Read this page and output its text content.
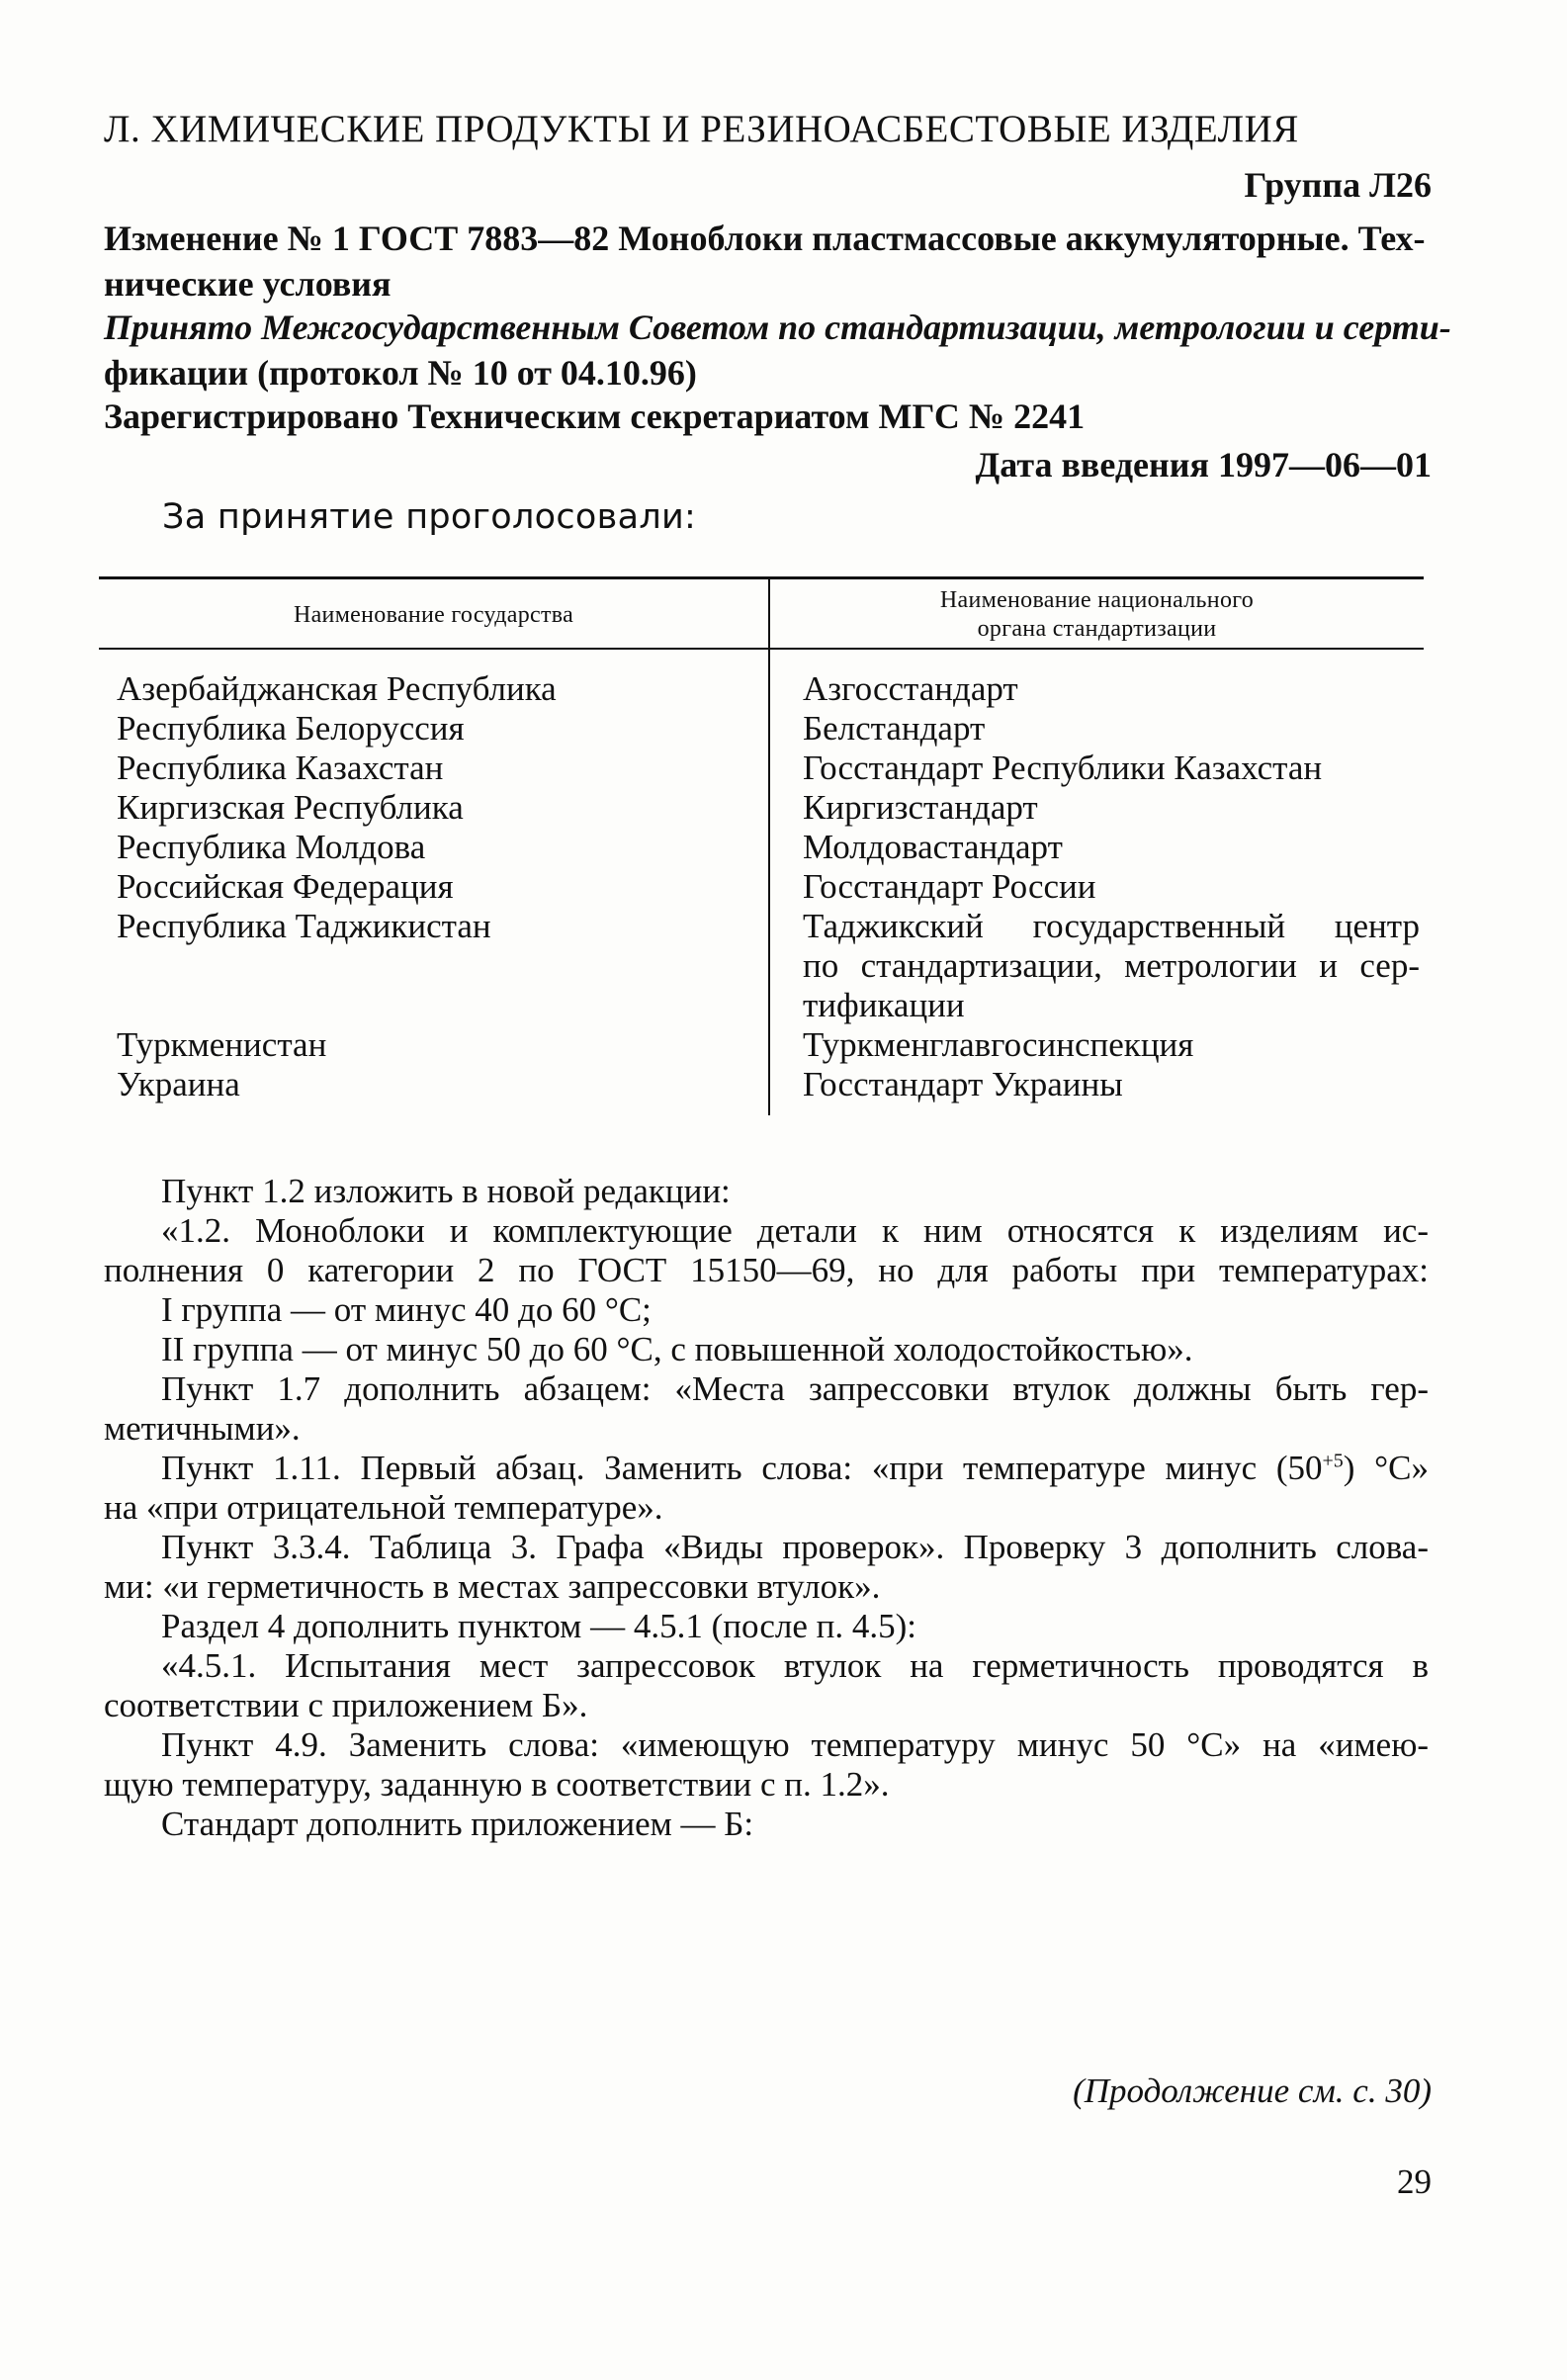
Л. ХИМИЧЕСКИЕ ПРОДУКТЫ И РЕЗИНОАСБЕСТОВЫЕ ИЗДЕЛИЯ
Группа Л26
Изменение № 1 ГОСТ 7883—82 Моноблоки пластмассовые аккумуляторные. Тех-
нические условия
Принято Межгосударственным Советом по стандартизации, метрологии и серти-
фикации (протокол № 10 от 04.10.96)
Зарегистрировано Техническим секретариатом МГС № 2241
Дата введения 1997—06—01
За принятие проголосовали:
Наименование государства
Наименование национального
органа стандартизации
Азербайджанская Республика
Республика Белоруссия
Республика Казахстан
Киргизская Республика
Республика Молдова
Российская Федерация
Республика Таджикистан
Туркменистан
Украина
Азгосстандарт
Белстандарт
Госстандарт Республики Казахстан
Киргизстандарт
Молдовастандарт
Госстандарт России
Таджикский государственный центр
по стандартизации, метрологии и сер-
тификации
Туркменглавгосинспекция
Госстандарт Украины

Пункт 1.2 изложить в новой редакции:

«1.2. Моноблоки и комплектующие детали к ним относятся к изделиям ис-

полнения 0 категории 2 по ГОСТ 15150—69, но для работы при температурах:

I группа — от минус 40 до 60 °С;

II группа — от минус 50 до 60 °С, с повышенной холодостойкостью».

Пункт 1.7 дополнить абзацем: «Места запрессовки втулок должны быть гер-

метичными».

Пункт 1.11. Первый абзац. Заменить слова: «при температуре минус $(50^{+5})$ °С»

на «при отрицательной температуре».

Пункт 3.3.4. Таблица 3. Графа «Виды проверок». Проверку 3 дополнить слова-

ми: «и герметичность в местах запрессовки втулок».

Раздел 4 дополнить пунктом — 4.5.1 (после п. 4.5):

«4.5.1. Испытания мест запрессовок втулок на герметичность проводятся в

соответствии с приложением Б».

Пункт 4.9. Заменить слова: «имеющую температуру минус 50 °С» на «имею-

щую температуру, заданную в соответствии с п. 1.2».

Стандарт дополнить приложением — Б:

(Продолжение см. с. 30)
29
